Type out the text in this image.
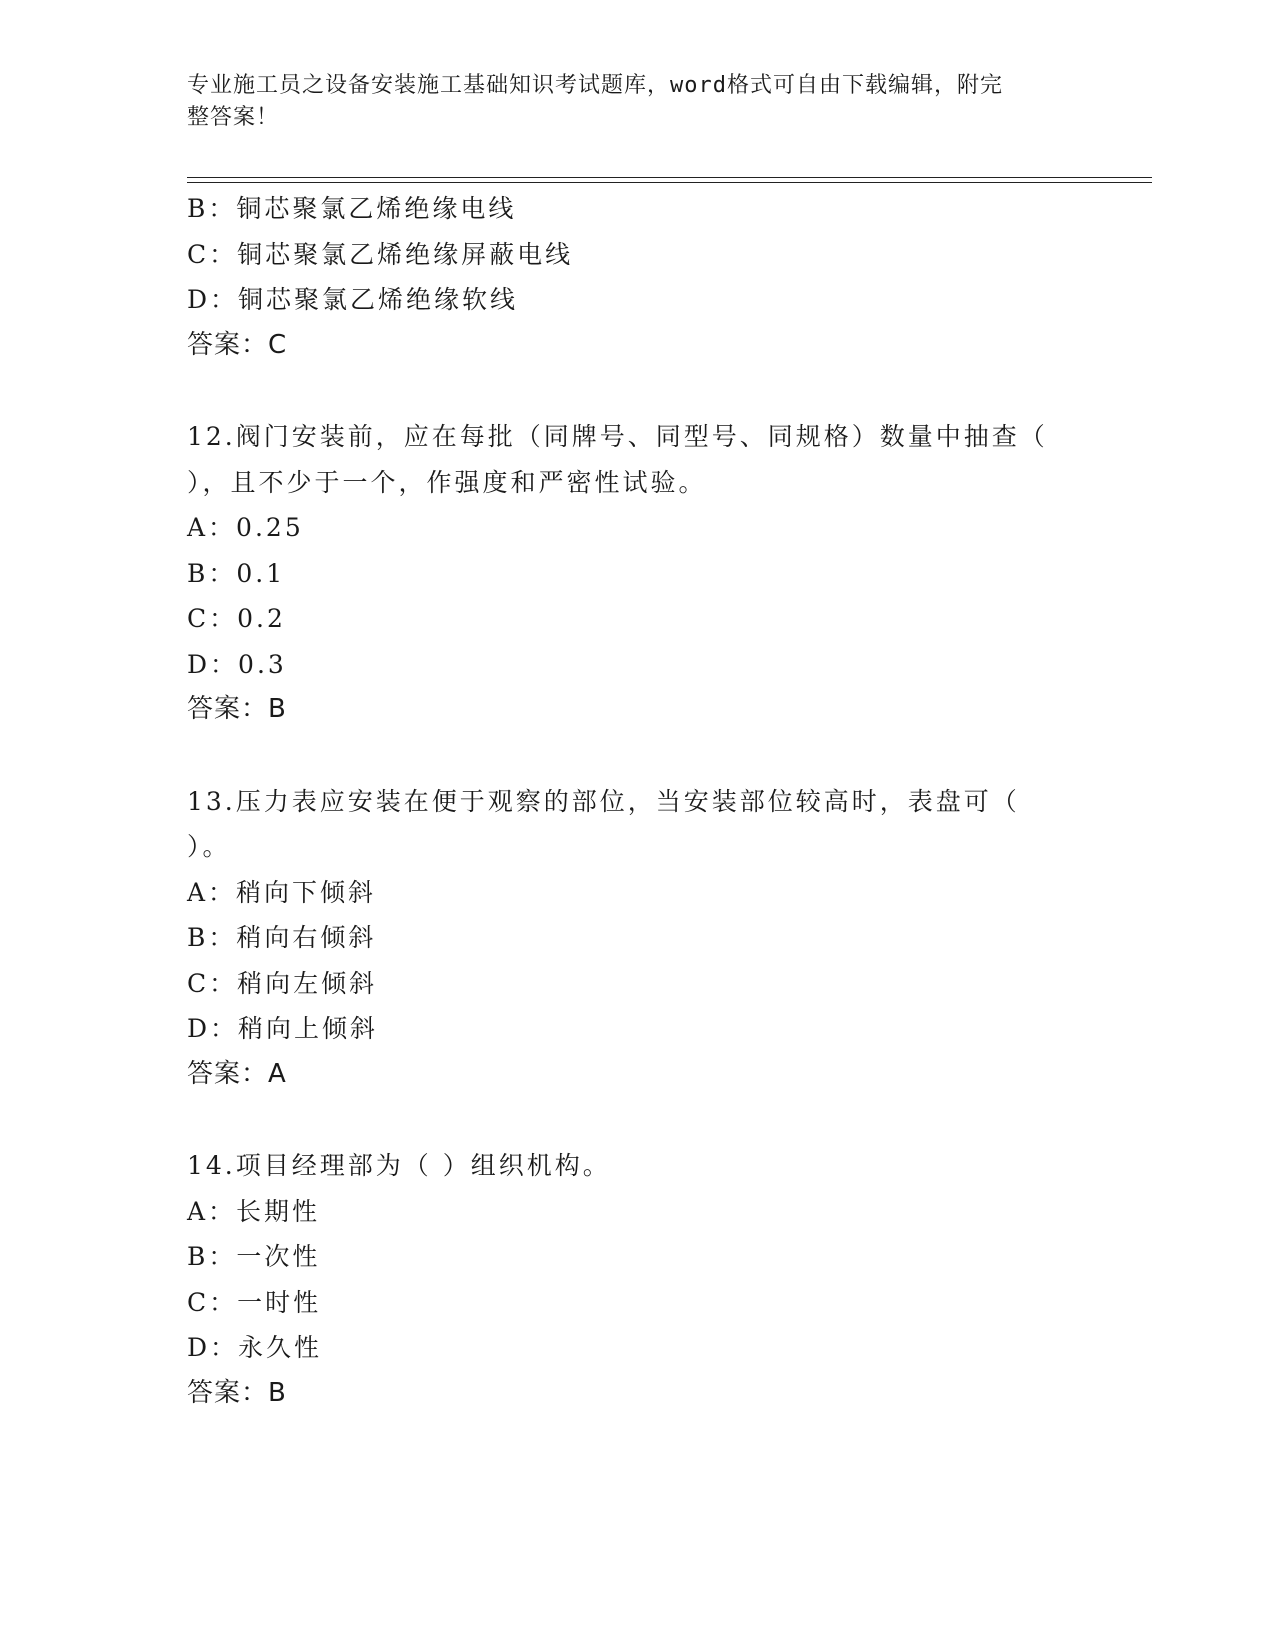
专业施工员之设备安装施工基础知识考试题库，word格式可自由下载编辑，附完
整答案！
B：铜芯聚氯乙烯绝缘电线
C：铜芯聚氯乙烯绝缘屏蔽电线
D：铜芯聚氯乙烯绝缘软线
答案：C
12.阀门安装前，应在每批（同牌号、同型号、同规格）数量中抽查（
），且不少于一个，作强度和严密性试验。
A：0.25
B：0.1
C：0.2
D：0.3
答案：B
13.压力表应安装在便于观察的部位，当安装部位较高时，表盘可（
）。
A：稍向下倾斜
B：稍向右倾斜
C：稍向左倾斜
D：稍向上倾斜
答案：A
14.项目经理部为（ ）组织机构。
A：长期性
B：一次性
C：一时性
D：永久性
答案：B
